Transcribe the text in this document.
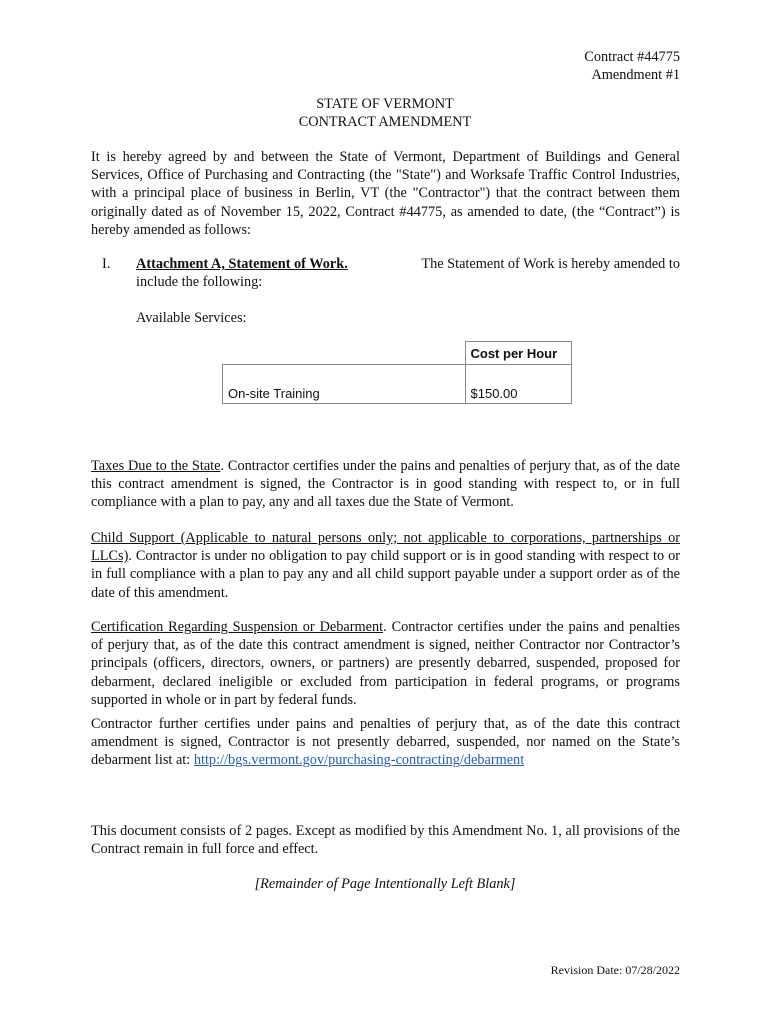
Contract #44775
Amendment #1
STATE OF VERMONT
CONTRACT AMENDMENT

It is hereby agreed by and between the State of Vermont, Department of Buildings and General Services, Office of Purchasing and Contracting (the "State") and Worksafe Traffic Control Industries, with a principal place of business in Berlin, VT (the "Contractor") that the contract between them originally dated as of November 15, 2022, Contract #44775, as amended to date, (the “Contract”) is hereby amended as follows:

I. Attachment A, Statement of Work.	The Statement of Work is hereby amended to
include the following:
Available Services:
	Cost per Hour
On-site Training	$150.00

Taxes Due to the State. Contractor certifies under the pains and penalties of perjury that, as of the date this contract amendment is signed, the Contractor is in good standing with respect to, or in full compliance with a plan to pay, any and all taxes due the State of Vermont.

Child Support (Applicable to natural persons only; not applicable to corporations, partnerships or LLCs). Contractor is under no obligation to pay child support or is in good standing with respect to or in full compliance with a plan to pay any and all child support payable under a support order as of the date of this amendment.

Certification Regarding Suspension or Debarment. Contractor certifies under the pains and penalties of perjury that, as of the date this contract amendment is signed, neither Contractor nor Contractor’s principals (officers, directors, owners, or partners) are presently debarred, suspended, proposed for debarment, declared ineligible or excluded from participation in federal programs, or programs supported in whole or in part by federal funds.

Contractor further certifies under pains and penalties of perjury that, as of the date this contract amendment is signed, Contractor is not presently debarred, suspended, nor named on the State’s debarment list at: http://bgs.vermont.gov/purchasing-contracting/debarment

This document consists of 2 pages. Except as modified by this Amendment No. 1, all provisions of the Contract remain in full force and effect.

[Remainder of Page Intentionally Left Blank]
Revision Date: 07/28/2022
